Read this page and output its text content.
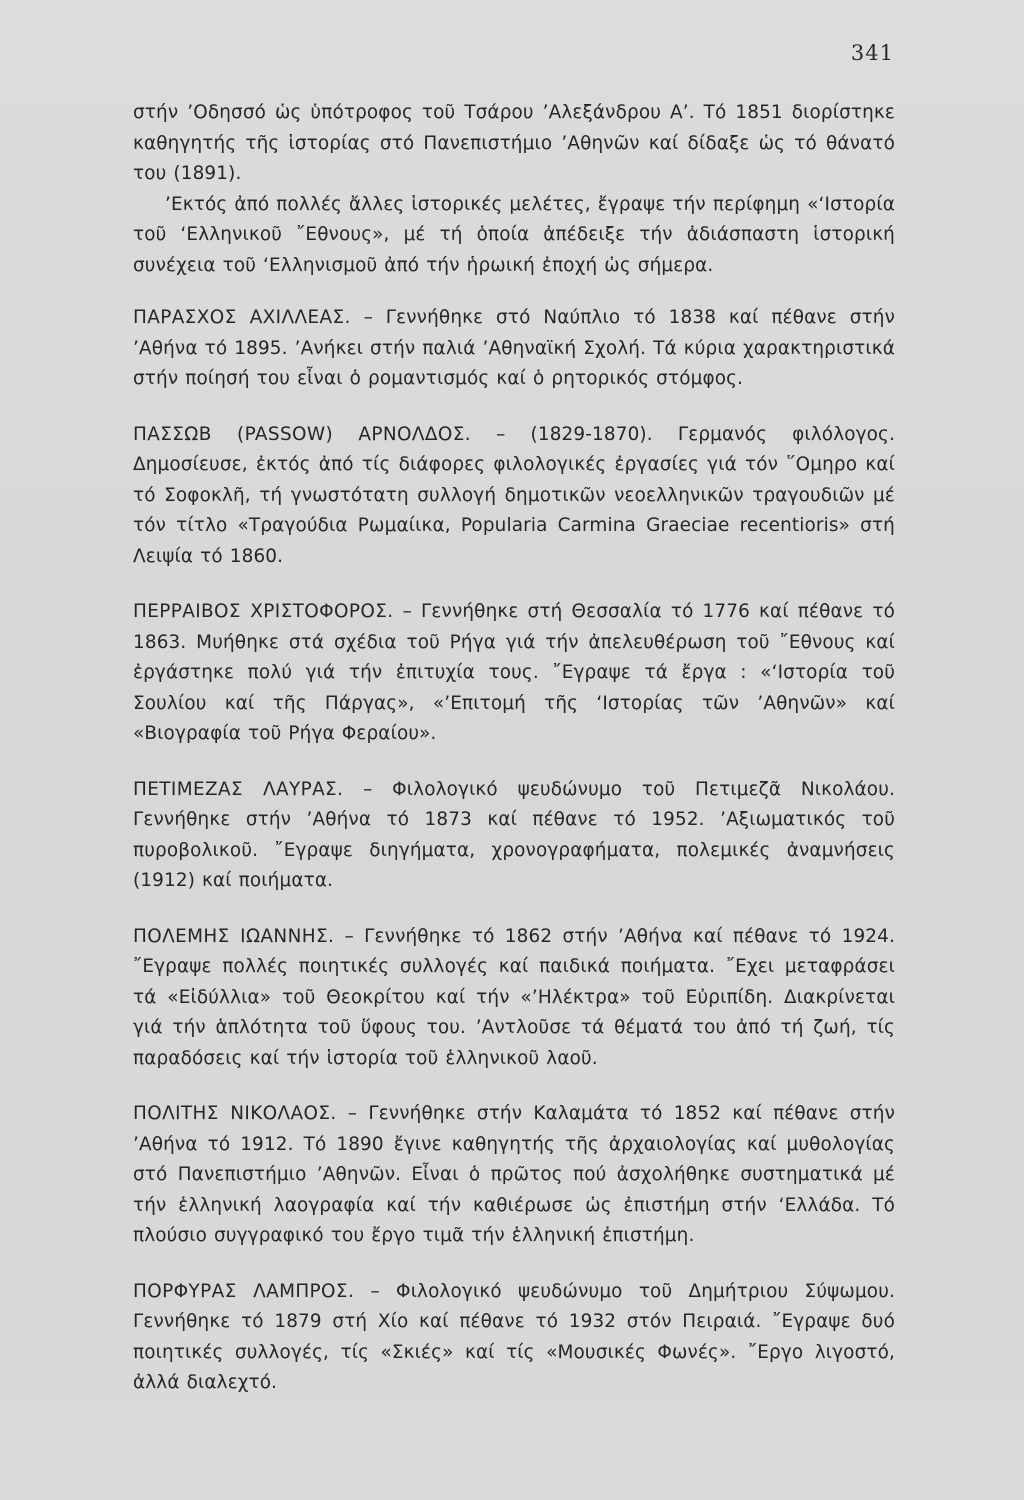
341

στήν ’Οδησσό ὡς ὑπότροφος τοῦ Τσάρου ’Αλεξάνδρου Α’. Τό 1851 διορίστηκε καθηγητής τῆς ἱστορίας στό Πανεπιστήμιο ’Αθηνῶν καί δίδαξε ὡς τό θάνατό του (1891).

’Εκτός ἀπό πολλές ἄλλες ἱστορικές μελέτες, ἔγραψε τήν περίφημη «‘Ιστορία τοῦ ‘Ελληνικοῦ ῎Εθνους», μέ τή ὁποία ἀπέδειξε τήν ἀδιάσπαστη ἱστορική συνέχεια τοῦ ‘Ελληνισμοῦ ἀπό τήν ἡρωική ἐποχή ὡς σήμερα.

ΠΑΡΑΣΧΟΣ ΑΧΙΛΛΕΑΣ. – Γεννήθηκε στό Ναύπλιο τό 1838 καί πέθανε στήν ’Αθήνα τό 1895. ’Ανήκει στήν παλιά ’Αθηναϊκή Σχολή. Τά κύρια χαρακτηριστικά στήν ποίησή του εἶναι ὁ ρομαντισμός καί ὁ ρητορικός στόμφος.

ΠΑΣΣΩΒ (PASSOW) ΑΡΝΟΛΔΟΣ. – (1829-1870). Γερμανός φιλόλογος. Δημοσίευσε, ἐκτός ἀπό τίς διάφορες φιλολογικές ἐργασίες γιά τόν ῞Ομηρο καί τό Σοφοκλῆ, τή γνωστότατη συλλογή δημοτικῶν νεοελληνικῶν τραγουδιῶν μέ τόν τίτλο «Τραγούδια Ρωμαίικα, Popularia Carmina Graeciae recentioris» στή Λειψία τό 1860.

ΠΕΡΡΑΙΒΟΣ ΧΡΙΣΤΟΦΟΡΟΣ. – Γεννήθηκε στή Θεσσαλία τό 1776 καί πέθανε τό 1863. Μυήθηκε στά σχέδια τοῦ Ρήγα γιά τήν ἀπελευθέρωση τοῦ ῎Εθνους καί ἐργάστηκε πολύ γιά τήν ἐπιτυχία τους. ῎Εγραψε τά ἔργα : «‘Ιστορία τοῦ Σουλίου καί τῆς Πάργας», «’Επιτομή τῆς ‘Ιστορίας τῶν ’Αθηνῶν» καί «Βιογραφία τοῦ Ρήγα Φεραίου».

ΠΕΤΙΜΕΖΑΣ ΛΑΥΡΑΣ. – Φιλολογικό ψευδώνυμο τοῦ Πετιμεζᾶ Νικολάου. Γεννήθηκε στήν ’Αθήνα τό 1873 καί πέθανε τό 1952. ’Αξιωματικός τοῦ πυροβολικοῦ. ῎Εγραψε διηγήματα, χρονογραφήματα, πολεμικές ἀναμνήσεις (1912) καί ποιήματα.

ΠΟΛΕΜΗΣ ΙΩΑΝΝΗΣ. – Γεννήθηκε τό 1862 στήν ’Αθήνα καί πέθανε τό 1924. ῎Εγραψε πολλές ποιητικές συλλογές καί παιδικά ποιήματα. ῎Εχει μεταφράσει τά «Εἰδύλλια» τοῦ Θεοκρίτου καί τήν «’Ηλέκτρα» τοῦ Εὐριπίδη. Διακρίνεται γιά τήν ἁπλότητα τοῦ ὕφους του. ’Αντλοῦσε τά θέματά του ἀπό τή ζωή, τίς παραδόσεις καί τήν ἱστορία τοῦ ἑλληνικοῦ λαοῦ.

ΠΟΛΙΤΗΣ ΝΙΚΟΛΑΟΣ. – Γεννήθηκε στήν Καλαμάτα τό 1852 καί πέθανε στήν ’Αθήνα τό 1912. Τό 1890 ἔγινε καθηγητής τῆς ἀρχαιολογίας καί μυθολογίας στό Πανεπιστήμιο ’Αθηνῶν. Εἶναι ὁ πρῶτος πού ἀσχολήθηκε συστηματικά μέ τήν ἑλληνική λαογραφία καί τήν καθιέρωσε ὡς ἐπιστήμη στήν ‘Ελλάδα. Τό πλούσιο συγγραφικό του ἔργο τιμᾶ τήν ἑλληνική ἐπιστήμη.

ΠΟΡΦΥΡΑΣ ΛΑΜΠΡΟΣ. – Φιλολογικό ψευδώνυμο τοῦ Δημήτριου Σύψωμου. Γεννήθηκε τό 1879 στή Χίο καί πέθανε τό 1932 στόν Πειραιά. ῎Εγραψε δυό ποιητικές συλλογές, τίς «Σκιές» καί τίς «Μουσικές Φωνές». ῎Εργο λιγοστό, ἀλλά διαλεχτό.
